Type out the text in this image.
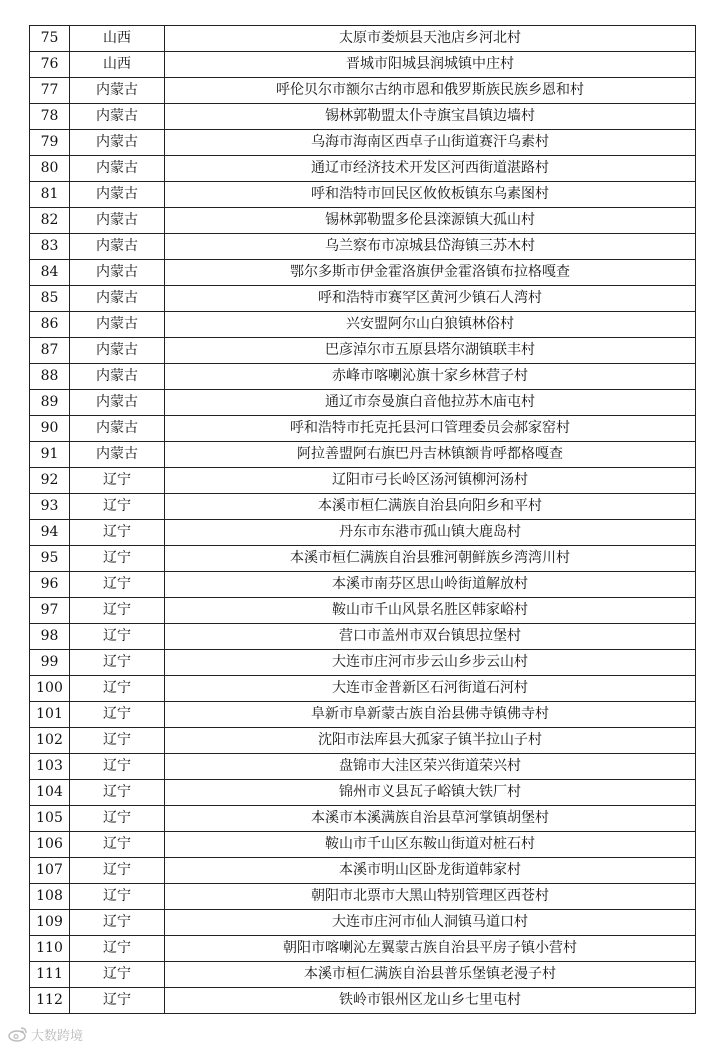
75	山西	太原市娄烦县天池店乡河北村
76	山西	晋城市阳城县润城镇中庄村
77	内蒙古	呼伦贝尔市额尔古纳市恩和俄罗斯族民族乡恩和村
78	内蒙古	锡林郭勒盟太仆寺旗宝昌镇边墙村
79	内蒙古	乌海市海南区西卓子山街道赛汗乌素村
80	内蒙古	通辽市经济技术开发区河西街道湛路村
81	内蒙古	呼和浩特市回民区攸攸板镇东乌素图村
82	内蒙古	锡林郭勒盟多伦县滦源镇大孤山村
83	内蒙古	乌兰察布市凉城县岱海镇三苏木村
84	内蒙古	鄂尔多斯市伊金霍洛旗伊金霍洛镇布拉格嘎查
85	内蒙古	呼和浩特市赛罕区黄河少镇石人湾村
86	内蒙古	兴安盟阿尔山白狼镇林俗村
87	内蒙古	巴彦淖尔市五原县塔尔湖镇联丰村
88	内蒙古	赤峰市喀喇沁旗十家乡林营子村
89	内蒙古	通辽市奈曼旗白音他拉苏木庙屯村
90	内蒙古	呼和浩特市托克托县河口管理委员会郝家窑村
91	内蒙古	阿拉善盟阿右旗巴丹吉林镇额肯呼都格嘎查
92	辽宁	辽阳市弓长岭区汤河镇柳河汤村
93	辽宁	本溪市桓仁满族自治县向阳乡和平村
94	辽宁	丹东市东港市孤山镇大鹿岛村
95	辽宁	本溪市桓仁满族自治县雅河朝鲜族乡湾湾川村
96	辽宁	本溪市南芬区思山岭街道解放村
97	辽宁	鞍山市千山风景名胜区韩家峪村
98	辽宁	营口市盖州市双台镇思拉堡村
99	辽宁	大连市庄河市步云山乡步云山村
100	辽宁	大连市金普新区石河街道石河村
101	辽宁	阜新市阜新蒙古族自治县佛寺镇佛寺村
102	辽宁	沈阳市法库县大孤家子镇半拉山子村
103	辽宁	盘锦市大洼区荣兴街道荣兴村
104	辽宁	锦州市义县瓦子峪镇大铁厂村
105	辽宁	本溪市本溪满族自治县草河掌镇胡堡村
106	辽宁	鞍山市千山区东鞍山街道对桩石村
107	辽宁	本溪市明山区卧龙街道韩家村
108	辽宁	朝阳市北票市大黑山特别管理区西苍村
109	辽宁	大连市庄河市仙人洞镇马道口村
110	辽宁	朝阳市喀喇沁左翼蒙古族自治县平房子镇小营村
111	辽宁	本溪市桓仁满族自治县普乐堡镇老漫子村
112	辽宁	铁岭市银州区龙山乡七里屯村
大数跨境
